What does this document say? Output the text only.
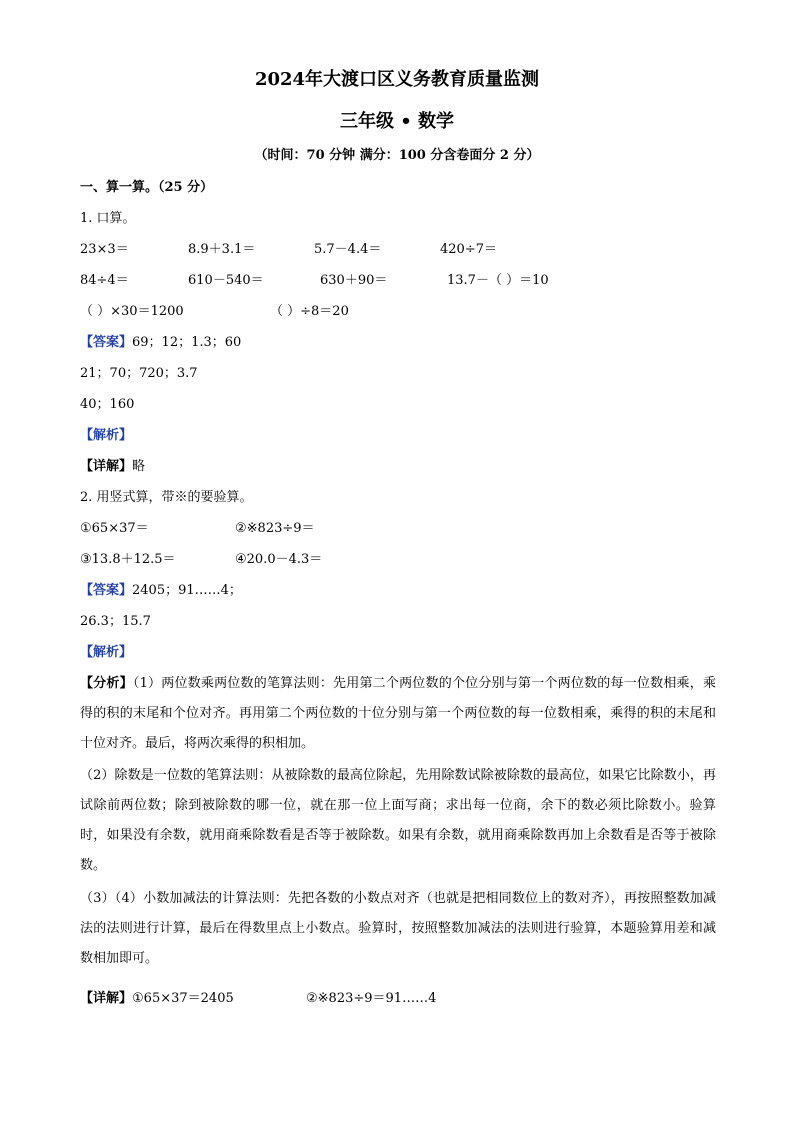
2024年大渡口区义务教育质量监测
三年级 • 数学
（时间：70 分钟 满分：100 分含卷面分 2 分）
一、算一算。（25 分）
1. 口算。
23×3＝	8.9＋3.1＝	5.7－4.4＝	420÷7＝
84÷4＝	610－540＝	630＋90＝	13.7－（ ）＝10
（ ）×30＝1200	（ ）÷8＝20
【答案】69；12；1.3；60
21；70；720；3.7
40；160
【解析】
【详解】略
2. 用竖式算，带※的要验算。
①65×37＝	②※823÷9＝
③13.8＋12.5＝	④20.0－4.3＝
【答案】2405；91……4；
26.3；15.7
【解析】
【分析】（1）两位数乘两位数的笔算法则：先用第二个两位数的个位分别与第一个两位数的每一位数相乘，乘得的积的末尾和个位对齐。再用第二个两位数的十位分别与第一个两位数的每一位数相乘，乘得的积的末尾和十位对齐。最后，将两次乘得的积相加。
（2）除数是一位数的笔算法则：从被除数的最高位除起，先用除数试除被除数的最高位，如果它比除数小，再试除前两位数；除到被除数的哪一位，就在那一位上面写商；求出每一位商，余下的数必须比除数小。验算时，如果没有余数，就用商乘除数看是否等于被除数。如果有余数，就用商乘除数再加上余数看是否等于被除数。
（3）（4）小数加减法的计算法则：先把各数的小数点对齐（也就是把相同数位上的数对齐），再按照整数加减法的法则进行计算，最后在得数里点上小数点。验算时，按照整数加减法的法则进行验算，本题验算用差和减数相加即可。
【详解】①65×37＝2405	②※823÷9＝91……4
